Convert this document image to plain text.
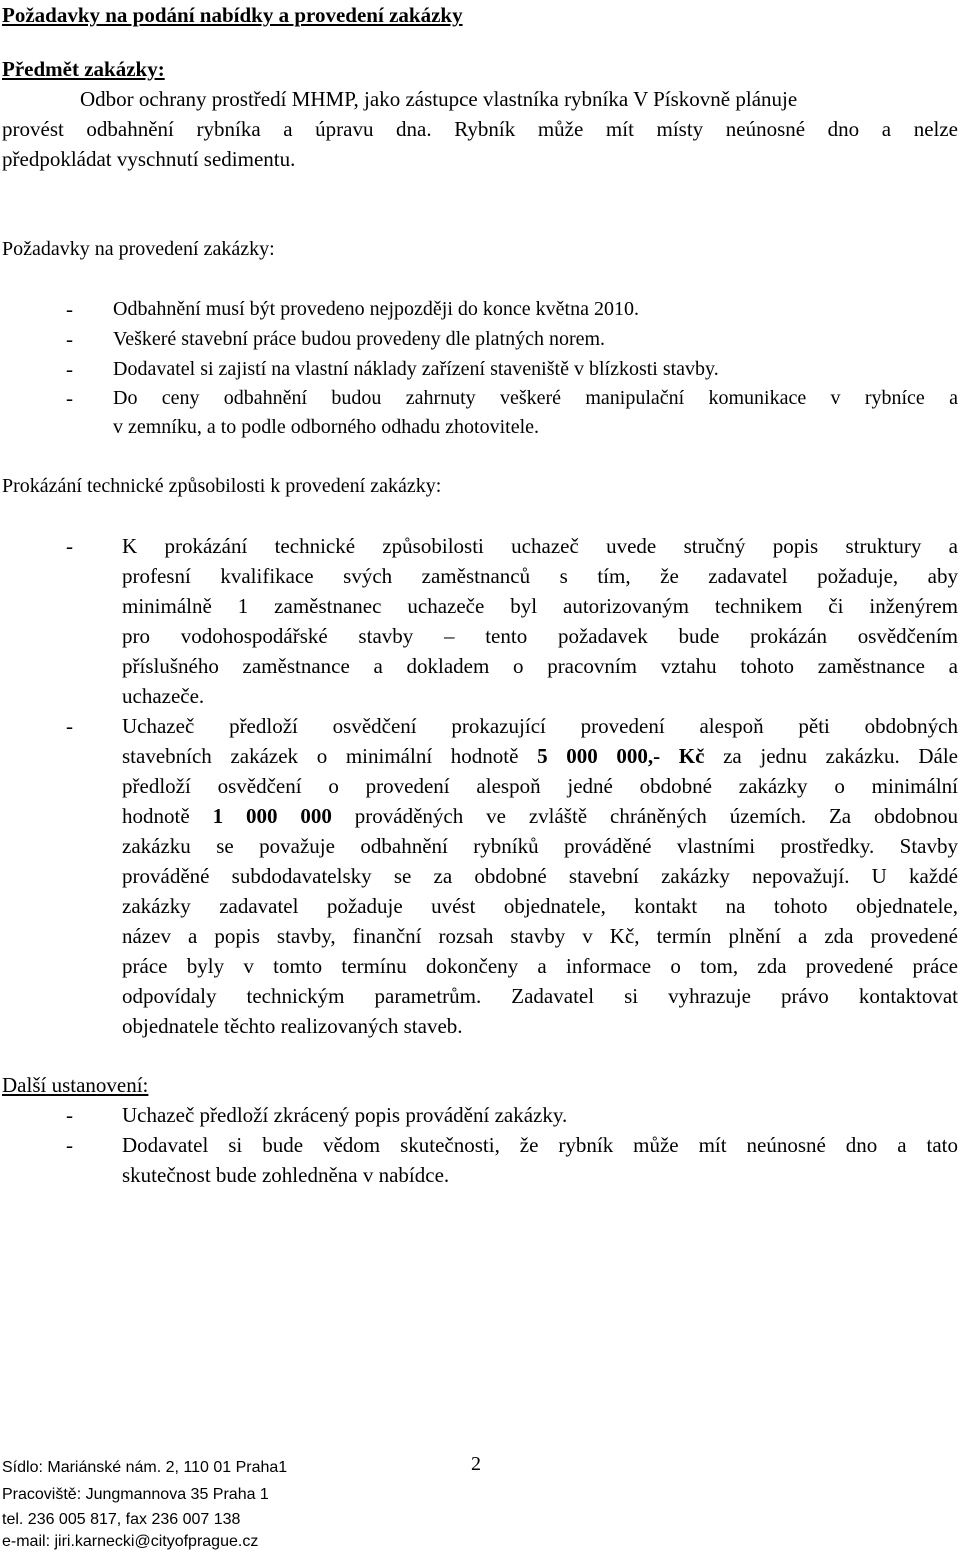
Požadavky na podání nabídky a provedení zakázky
Předmět zakázky:
Odbor ochrany prostředí MHMP, jako zástupce vlastníka rybníka V Pískovně plánuje
provést odbahnění rybníka a úpravu dna. Rybník může mít místy neúnosné dno a nelze
předpokládat vyschnutí sedimentu.
Požadavky na provedení zakázky:
-	Odbahnění musí být provedeno nejpozději do konce května 2010.
-	Veškeré stavební práce budou provedeny dle platných norem.
-	Dodavatel si zajistí na vlastní náklady zařízení staveniště v blízkosti stavby.
-	Do ceny odbahnění budou zahrnuty veškeré manipulační komunikace v rybníce a
v zemníku, a to podle odborného odhadu zhotovitele.
Prokázání technické způsobilosti k provedení zakázky:
-	K prokázání technické způsobilosti uchazeč uvede stručný popis struktury a
profesní kvalifikace svých zaměstnanců s tím, že zadavatel požaduje, aby
minimálně 1 zaměstnanec uchazeče byl autorizovaným technikem či inženýrem
pro vodohospodářské stavby – tento požadavek bude prokázán osvědčením
příslušného zaměstnance a dokladem o pracovním vztahu tohoto zaměstnance a
uchazeče.
-	Uchazeč předloží osvědčení prokazující provedení alespoň pěti obdobných
stavebních zakázek o minimální hodnotě 5 000 000,- Kč za jednu zakázku. Dále
předloží osvědčení o provedení alespoň jedné obdobné zakázky o minimální
hodnotě 1 000 000 prováděných ve zvláště chráněných územích. Za obdobnou
zakázku se považuje odbahnění rybníků prováděné vlastními prostředky. Stavby
prováděné subdodavatelsky se za obdobné stavební zakázky nepovažují. U každé
zakázky zadavatel požaduje uvést objednatele, kontakt na tohoto objednatele,
název a popis stavby, finanční rozsah stavby v Kč, termín plnění a zda provedené
práce byly v tomto termínu dokončeny a informace o tom, zda provedené práce
odpovídaly technickým parametrům. Zadavatel si vyhrazuje právo kontaktovat
objednatele těchto realizovaných staveb.
Další ustanovení:
-	Uchazeč předloží zkrácený popis provádění zakázky.
-	Dodavatel si bude vědom skutečnosti, že rybník může mít neúnosné dno a tato
skutečnost bude zohledněna v nabídce.
Sídlo: Mariánské nám. 2, 110 01 Praha1	2
Pracoviště: Jungmannova 35 Praha 1
tel. 236 005 817, fax 236 007 138
e-mail: jiri.karnecki@cityofprague.cz
